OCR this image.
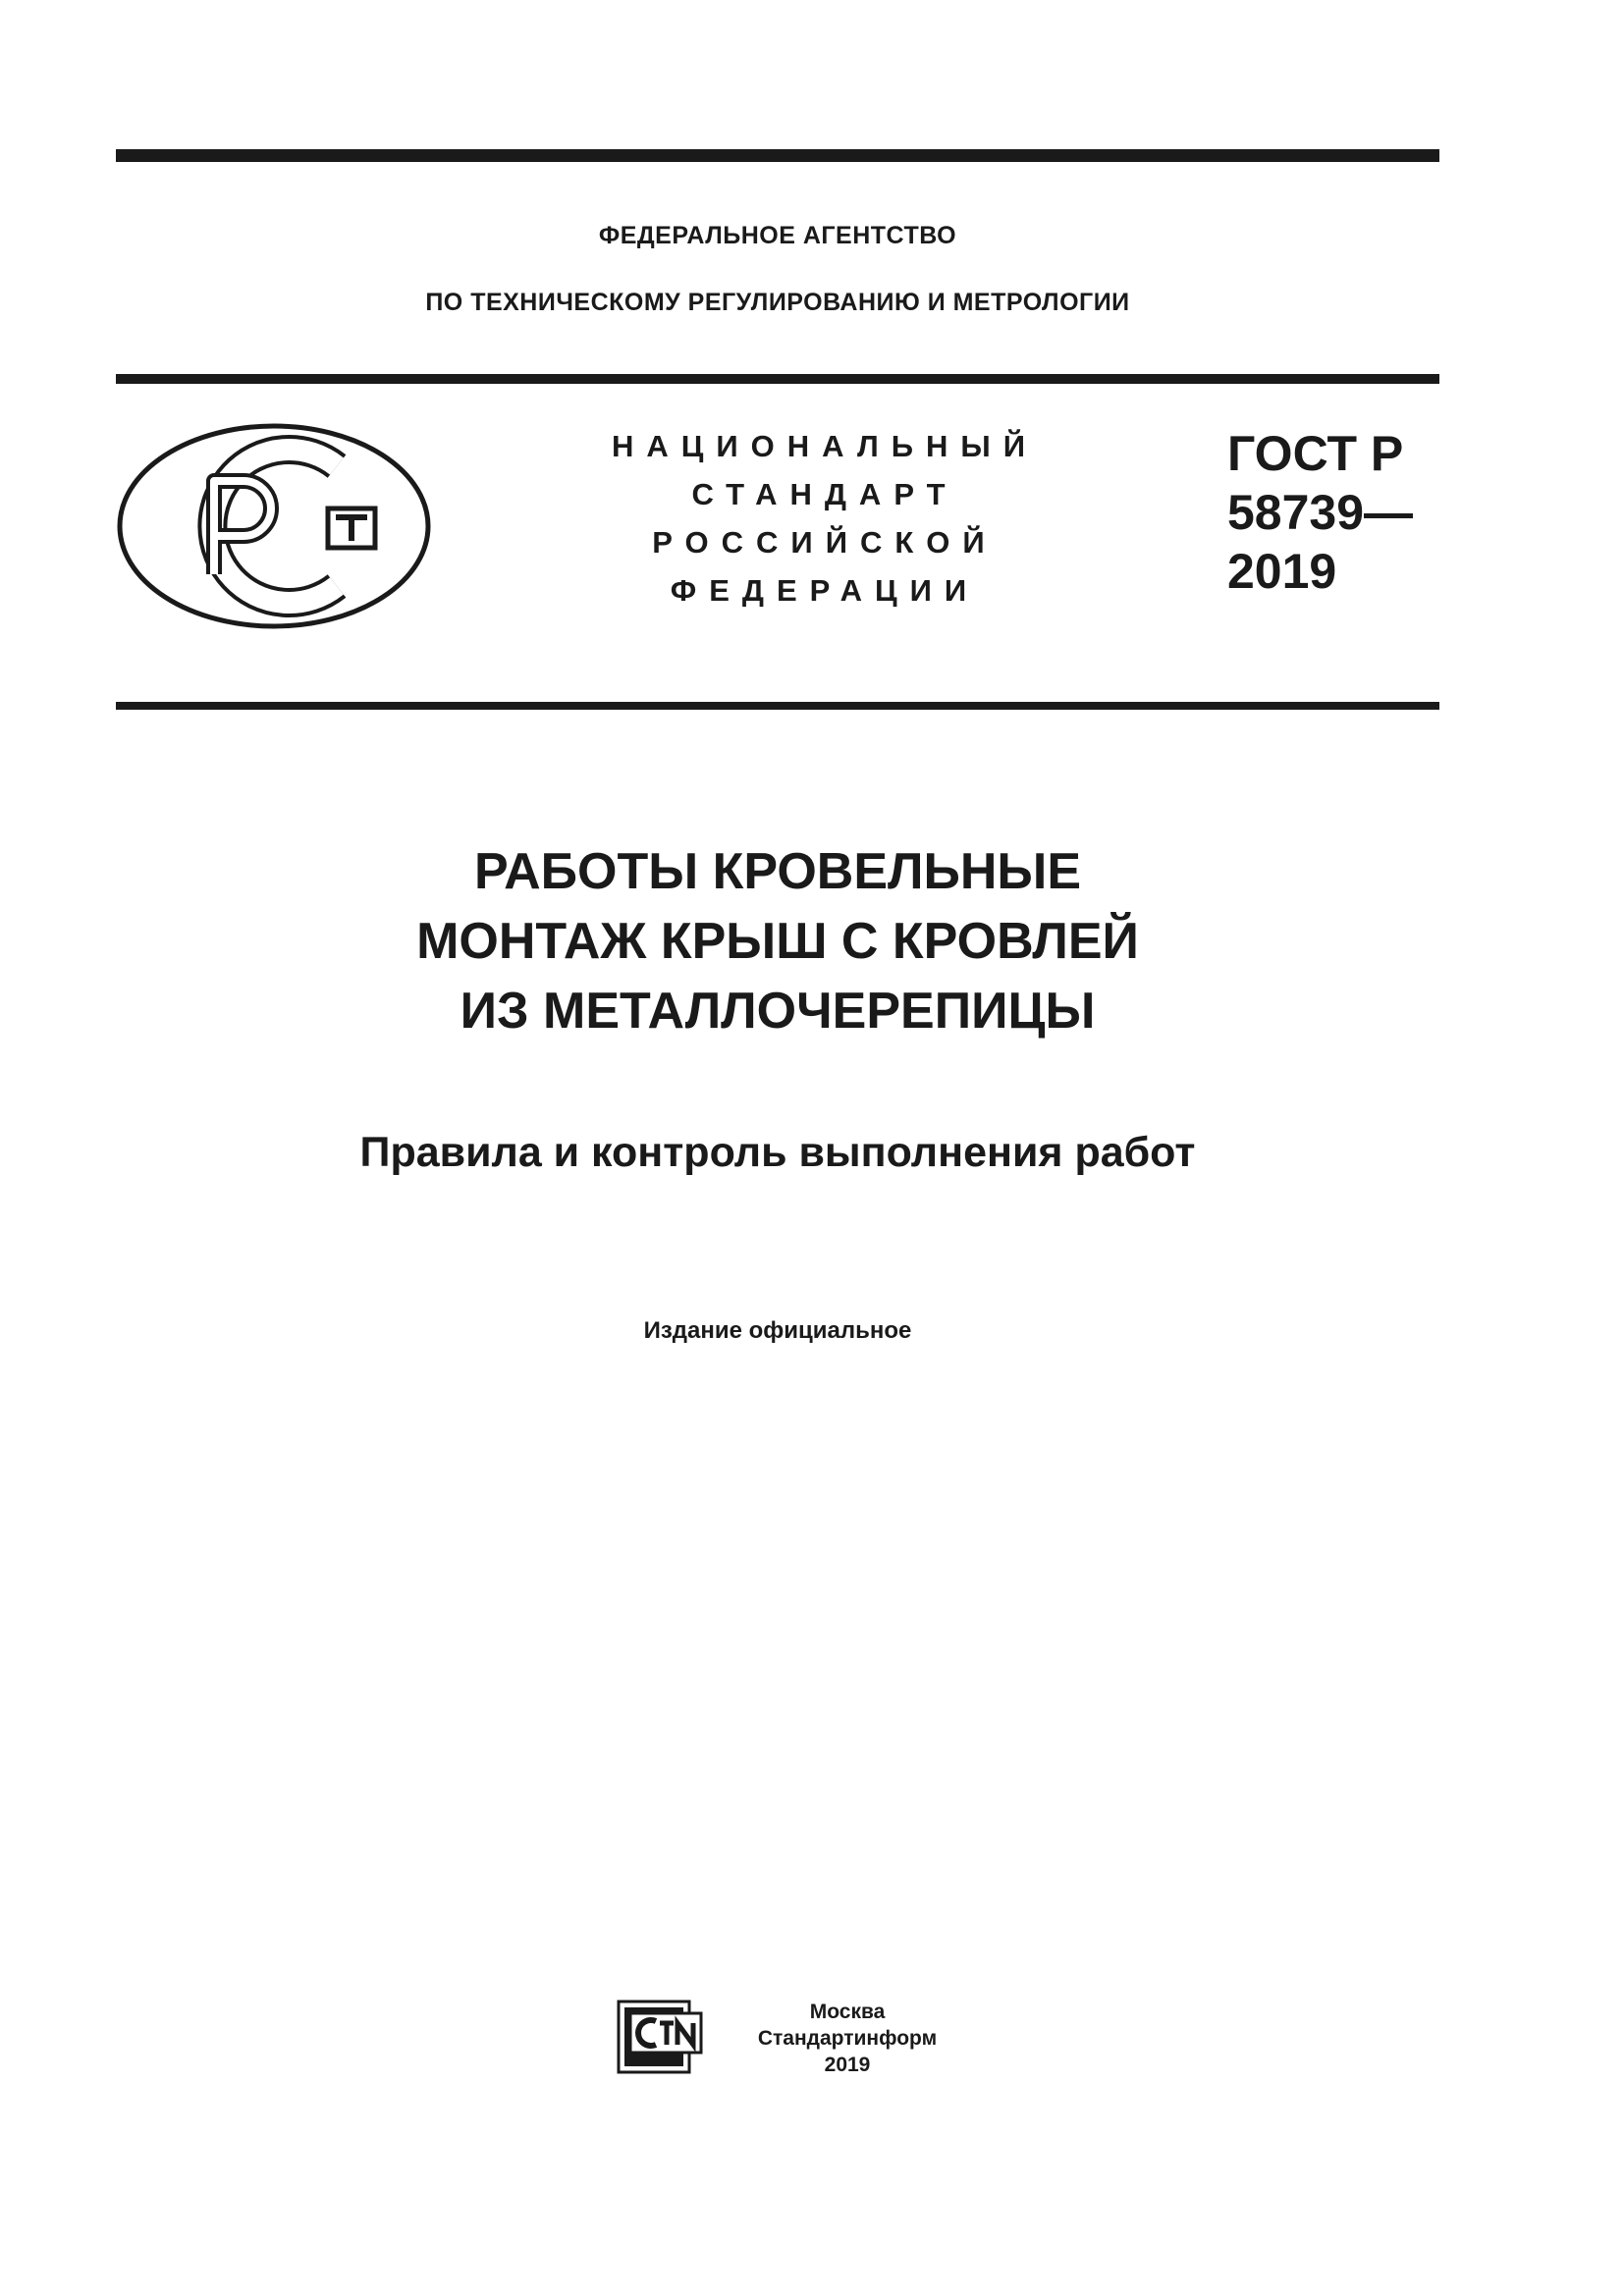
ФЕДЕРАЛЬНОЕ АГЕНТСТВО
ПО ТЕХНИЧЕСКОМУ РЕГУЛИРОВАНИЮ И МЕТРОЛОГИИ
НАЦИОНАЛЬНЫЙ
СТАНДАРТ
РОССИЙСКОЙ
ФЕДЕРАЦИИ
ГОСТ Р
58739—
2019
РАБОТЫ КРОВЕЛЬНЫЕ
МОНТАЖ КРЫШ С КРОВЛЕЙ
ИЗ МЕТАЛЛОЧЕРЕПИЦЫ
Правила и контроль выполнения работ
Издание официальное
Москва
Стандартинформ
2019
